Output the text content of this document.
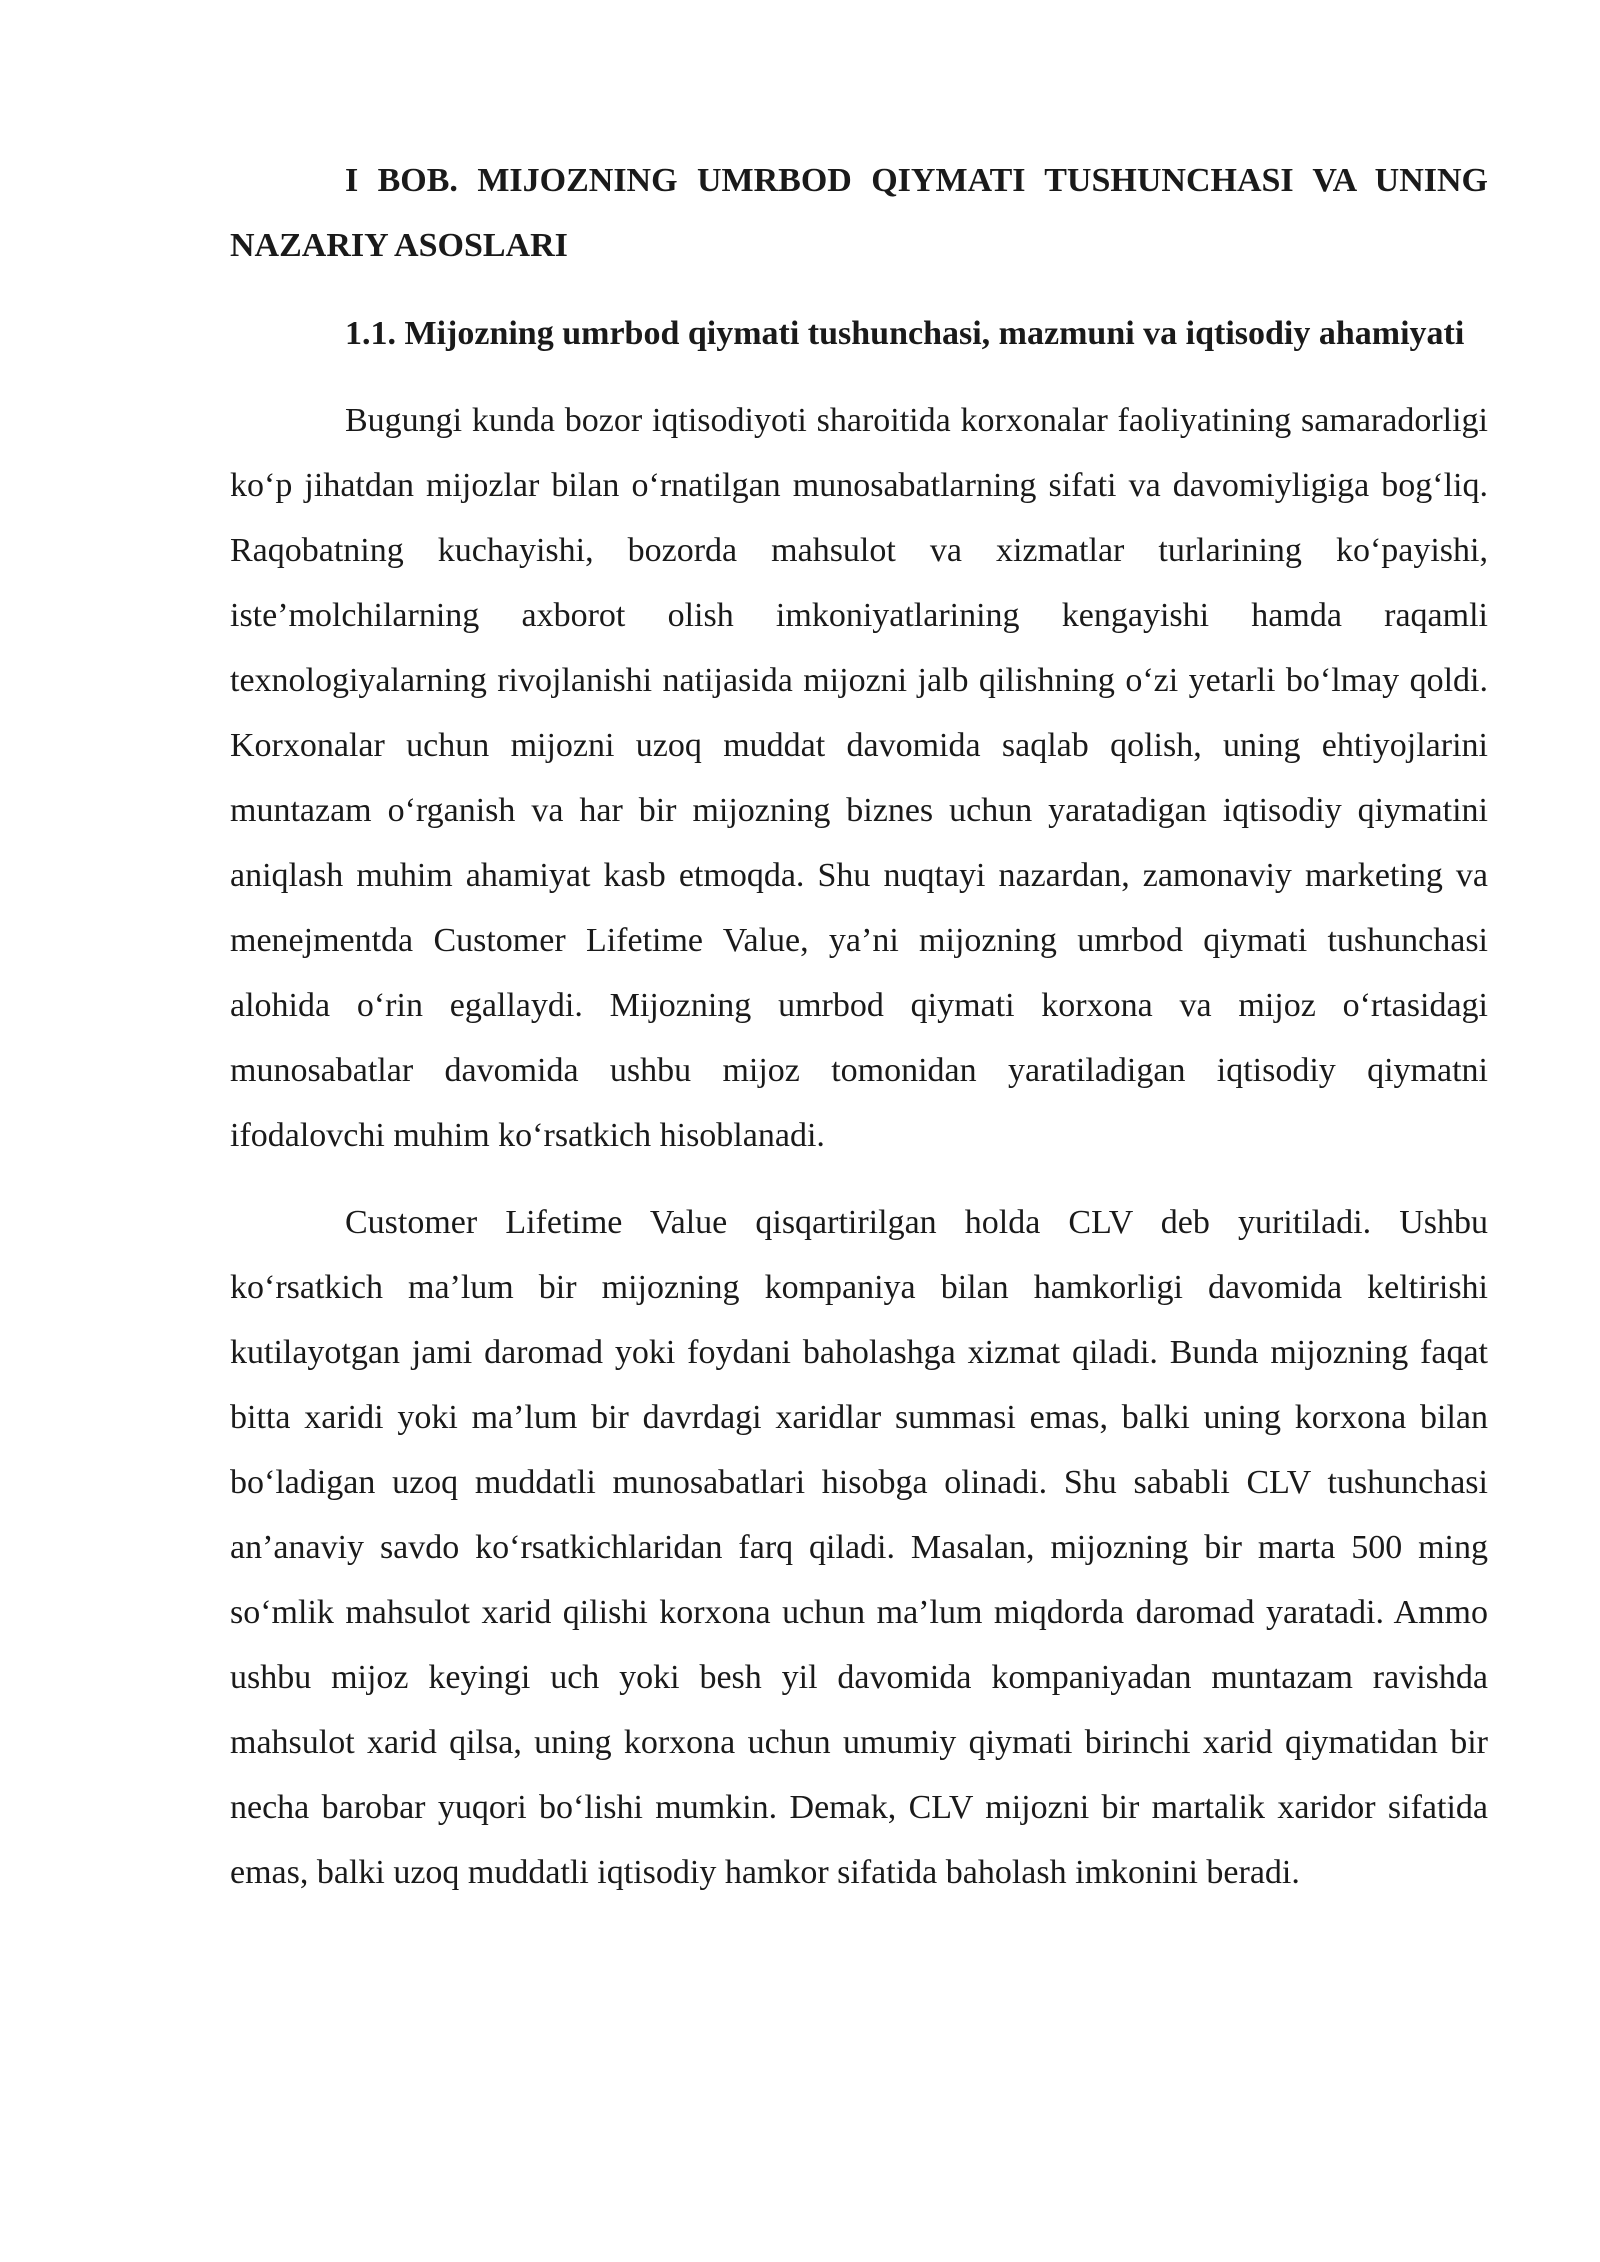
I BOB. MIJOZNING UMRBOD QIYMATI TUSHUNCHASI VA UNING NAZARIY ASOSLARI

1.1. Mijozning umrbod qiymati tushunchasi, mazmuni va iqtisodiy ahamiyati

Bugungi kunda bozor iqtisodiyoti sharoitida korxonalar faoliyatining samaradorligi ko‘p jihatdan mijozlar bilan o‘rnatilgan munosabatlarning sifati va davomiyligiga bog‘liq. Raqobatning kuchayishi, bozorda mahsulot va xizmatlar turlarining ko‘payishi, iste’molchilarning axborot olish imkoniyatlarining kengayishi hamda raqamli texnologiyalarning rivojlanishi natijasida mijozni jalb qilishning o‘zi yetarli bo‘lmay qoldi. Korxonalar uchun mijozni uzoq muddat davomida saqlab qolish, uning ehtiyojlarini muntazam o‘rganish va har bir mijozning biznes uchun yaratadigan iqtisodiy qiymatini aniqlash muhim ahamiyat kasb etmoqda. Shu nuqtayi nazardan, zamonaviy marketing va menejmentda Customer Lifetime Value, ya’ni mijozning umrbod qiymati tushunchasi alohida o‘rin egallaydi. Mijozning umrbod qiymati korxona va mijoz o‘rtasidagi munosabatlar davomida ushbu mijoz tomonidan yaratiladigan iqtisodiy qiymatni ifodalovchi muhim ko‘rsatkich hisoblanadi.

Customer Lifetime Value qisqartirilgan holda CLV deb yuritiladi. Ushbu ko‘rsatkich ma’lum bir mijozning kompaniya bilan hamkorligi davomida keltirishi kutilayotgan jami daromad yoki foydani baholashga xizmat qiladi. Bunda mijozning faqat bitta xaridi yoki ma’lum bir davrdagi xaridlar summasi emas, balki uning korxona bilan bo‘ladigan uzoq muddatli munosabatlari hisobga olinadi. Shu sababli CLV tushunchasi an’anaviy savdo ko‘rsatkichlaridan farq qiladi. Masalan, mijozning bir marta 500 ming so‘mlik mahsulot xarid qilishi korxona uchun ma’lum miqdorda daromad yaratadi. Ammo ushbu mijoz keyingi uch yoki besh yil davomida kompaniyadan muntazam ravishda mahsulot xarid qilsa, uning korxona uchun umumiy qiymati birinchi xarid qiymatidan bir necha barobar yuqori bo‘lishi mumkin. Demak, CLV mijozni bir martalik xaridor sifatida emas, balki uzoq muddatli iqtisodiy hamkor sifatida baholash imkonini beradi.
